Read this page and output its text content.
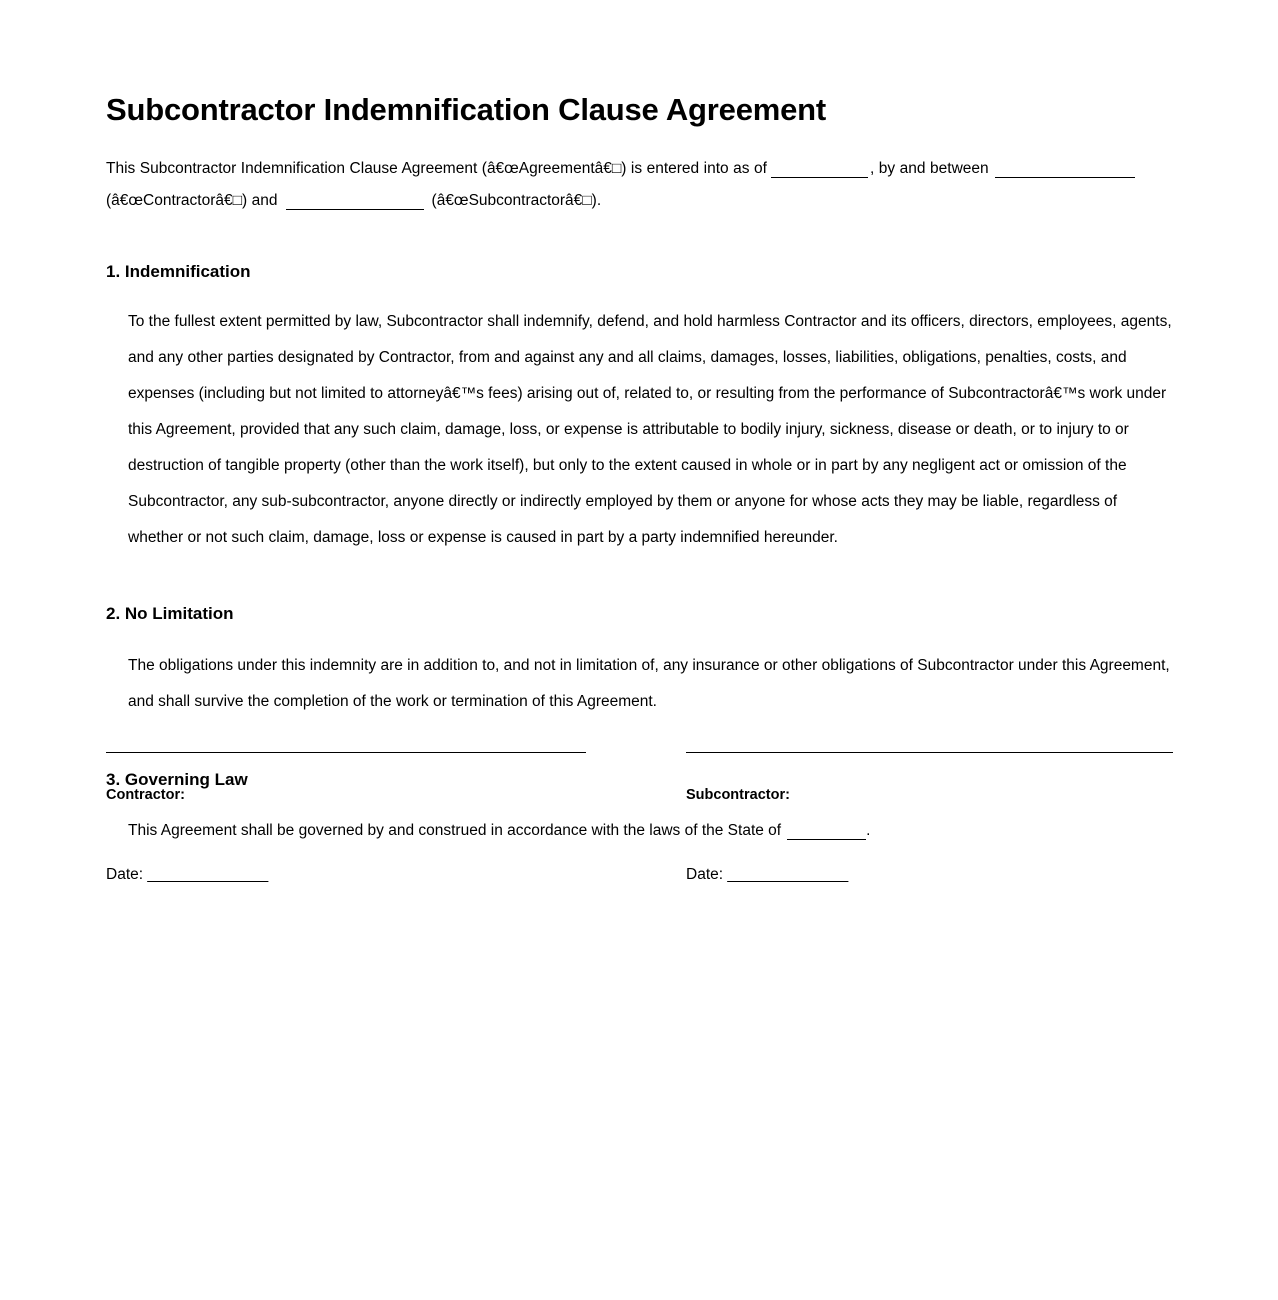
Subcontractor Indemnification Clause Agreement

This Subcontractor Indemnification Clause Agreement (â€œAgreementâ€□) is entered into as of	, by and between
(â€œContractorâ€□) and	(â€œSubcontractorâ€□).

1. Indemnification

To the fullest extent permitted by law, Subcontractor shall indemnify, defend, and hold harmless Contractor and its officers, directors, employees, agents, and any other parties designated by Contractor, from and against any and all claims, damages, losses, liabilities, obligations, penalties, costs, and expenses (including but not limited to attorneyâ€™s fees) arising out of, related to, or resulting from the performance of Subcontractorâ€™s work under this Agreement, provided that any such claim, damage, loss, or expense is attributable to bodily injury, sickness, disease or death, or to injury to or destruction of tangible property (other than the work itself), but only to the extent caused in whole or in part by any negligent act or omission of the Subcontractor, any sub-subcontractor, anyone directly or indirectly employed by them or anyone for whose acts they may be liable, regardless of whether or not such claim, damage, loss or expense is caused in part by a party indemnified hereunder.

2. No Limitation

The obligations under this indemnity are in addition to, and not in limitation of, any insurance or other obligations of Subcontractor under this Agreement, and shall survive the completion of the work or termination of this Agreement.

3. Governing Law

This Agreement shall be governed by and construed in accordance with the laws of the State of	.

Contractor:

Date: _______________

Subcontractor:

Date: _______________
